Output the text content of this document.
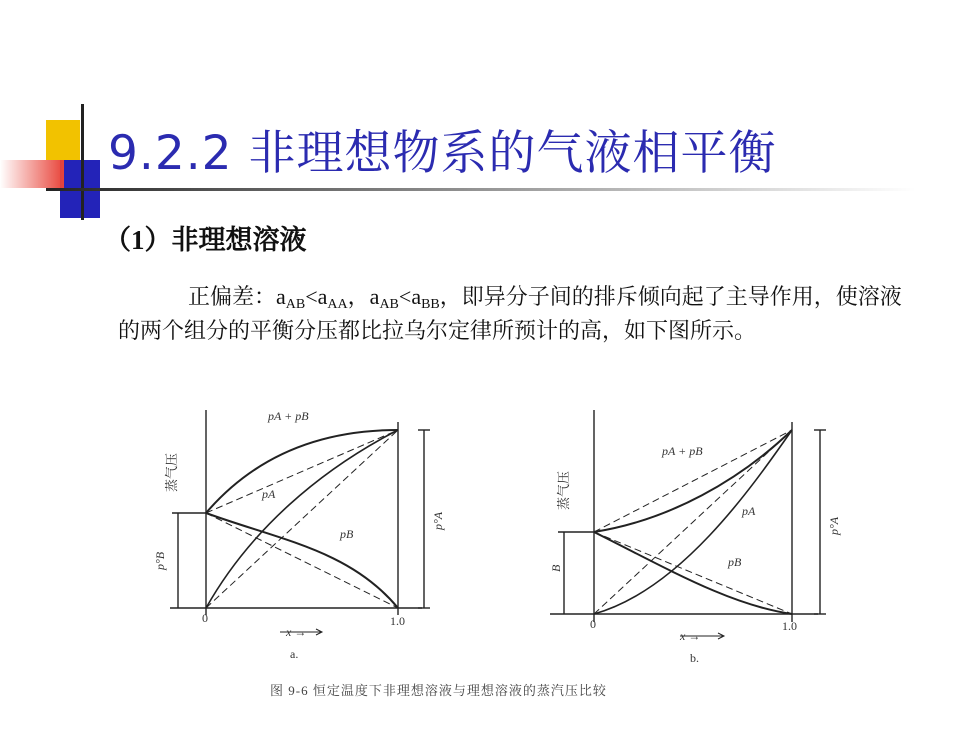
9.2.2 非理想物系的气液相平衡
（1）非理想溶液
正偏差：$a_{AB}<a_{AA}$，$a_{AB}<a_{BB}$，即异分子间的排斥倾向起了主导作用，使溶液的两个组分的平衡分压都比拉乌尔定律所预计的高，如下图所示。
pA + pB
pA
pB
0	1.0
x →
a.
蒸气压
p°B
p°A
pA + pB
pA
pB
0	1.0
x →
b.
蒸气压
B
p°A
图 9-6 恒定温度下非理想溶液与理想溶液的蒸汽压比较
